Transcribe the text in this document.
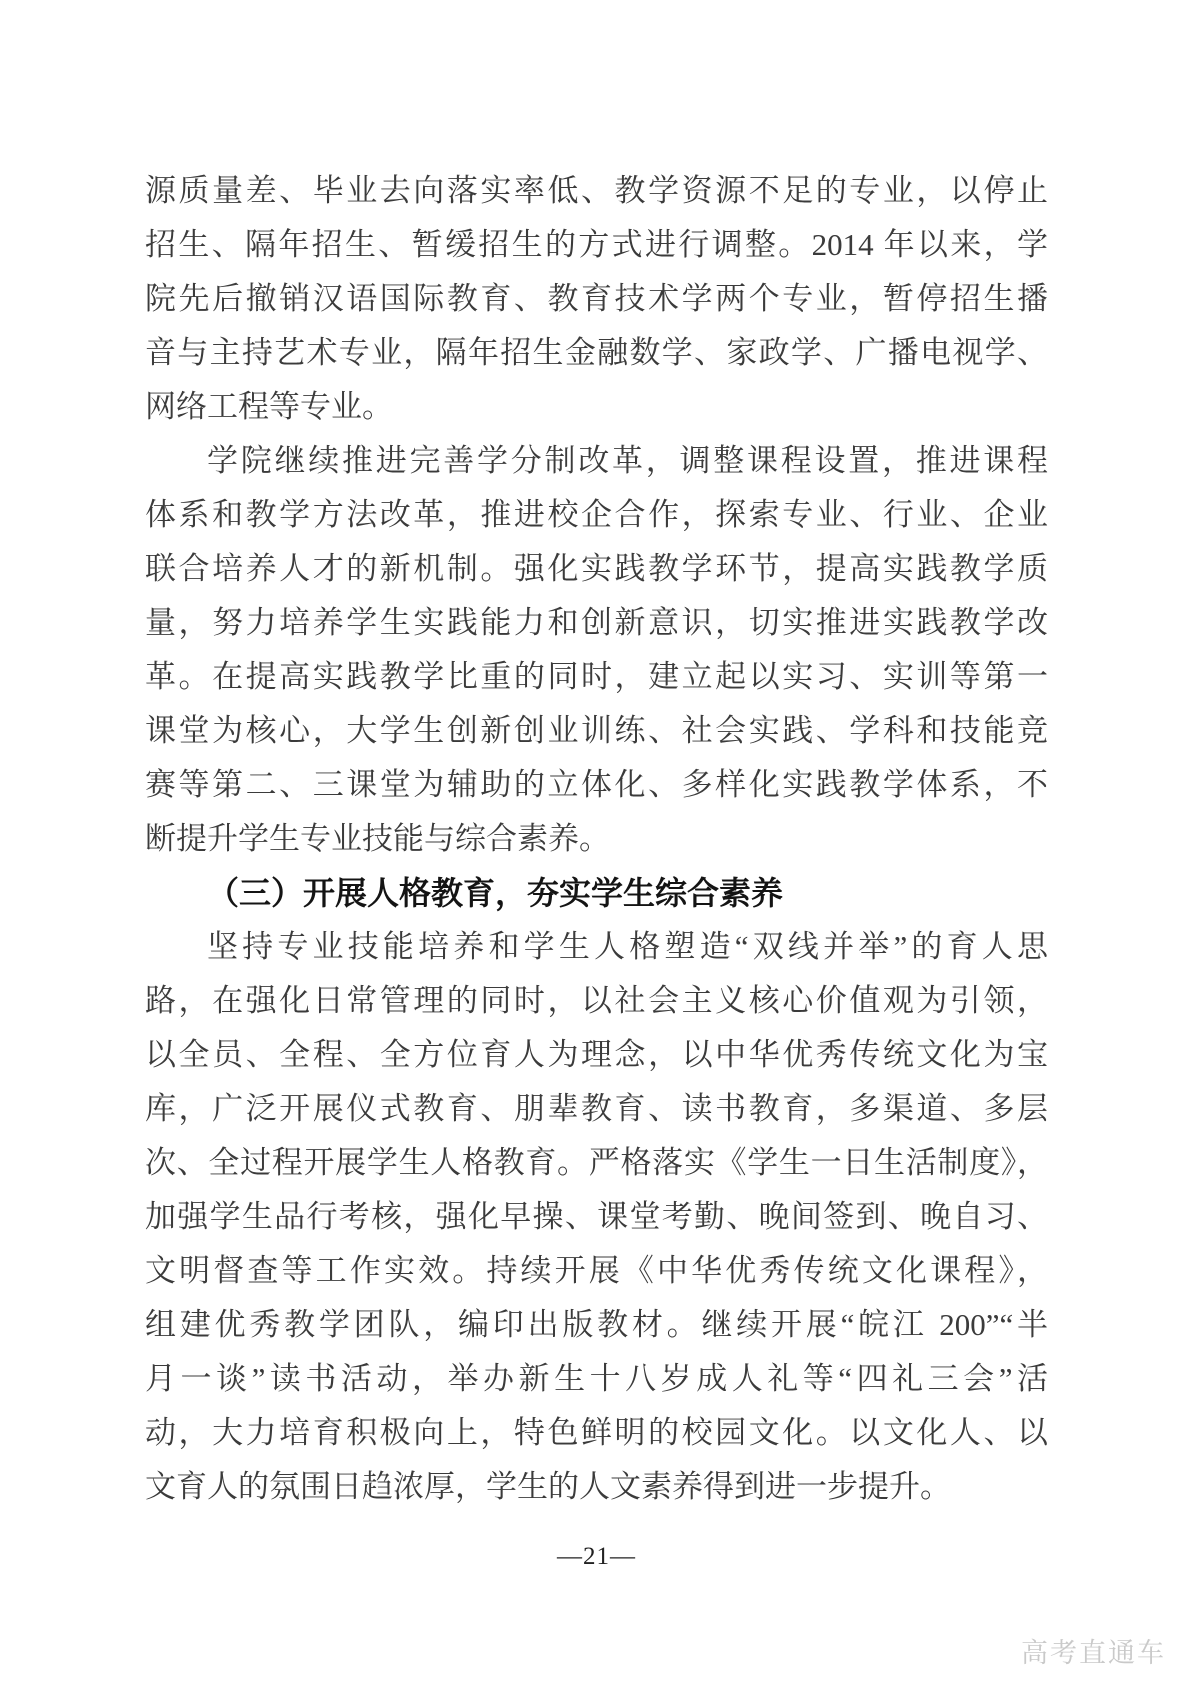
源质量差、毕业去向落实率低、教学资源不足的专业，以停止
招生、隔年招生、暂缓招生的方式进行调整。2014 年以来，学
院先后撤销汉语国际教育、教育技术学两个专业，暂停招生播
音与主持艺术专业，隔年招生金融数学、家政学、广播电视学、
网络工程等专业。
学院继续推进完善学分制改革，调整课程设置，推进课程
体系和教学方法改革，推进校企合作，探索专业、行业、企业
联合培养人才的新机制。强化实践教学环节，提高实践教学质
量，努力培养学生实践能力和创新意识，切实推进实践教学改
革。在提高实践教学比重的同时，建立起以实习、实训等第一
课堂为核心，大学生创新创业训练、社会实践、学科和技能竞
赛等第二、三课堂为辅助的立体化、多样化实践教学体系，不
断提升学生专业技能与综合素养。
（三）开展人格教育，夯实学生综合素养
坚持专业技能培养和学生人格塑造“双线并举”的育人思
路，在强化日常管理的同时，以社会主义核心价值观为引领，
以全员、全程、全方位育人为理念，以中华优秀传统文化为宝
库，广泛开展仪式教育、朋辈教育、读书教育，多渠道、多层
次、全过程开展学生人格教育。严格落实《学生一日生活制度》，
加强学生品行考核，强化早操、课堂考勤、晚间签到、晚自习、
文明督查等工作实效。持续开展《中华优秀传统文化课程》，
组建优秀教学团队，编印出版教材。继续开展“皖江 200”“半
月一谈”读书活动，举办新生十八岁成人礼等“四礼三会”活
动，大力培育积极向上，特色鲜明的校园文化。以文化人、以
文育人的氛围日趋浓厚，学生的人文素养得到进一步提升。
—21—
高考直通车
